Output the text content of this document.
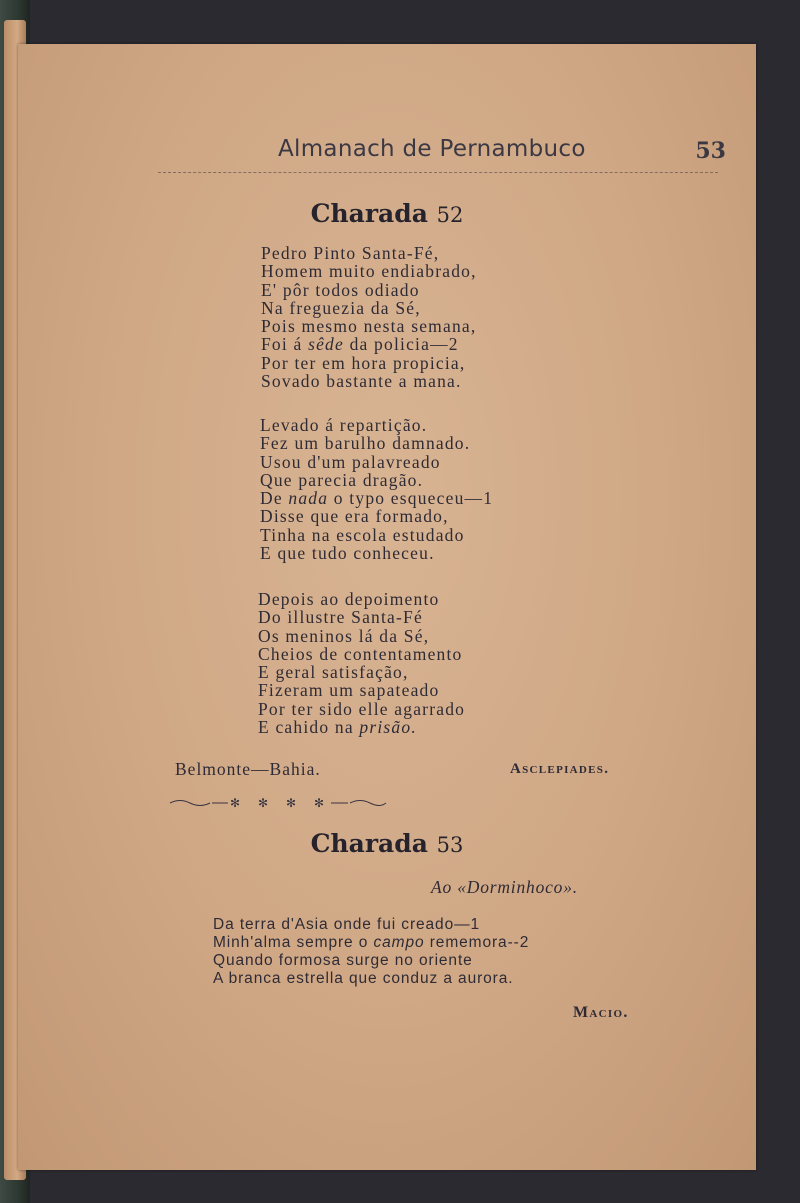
Almanach de Pernambuco	53
Charada 52
Pedro Pinto Santa-Fé,
Homem muito endiabrado,
E' pôr todos odiado
Na freguezia da Sé,
Pois mesmo nesta semana,
Foi á sêde da policia—2
Por ter em hora propicia,
Sovado bastante a mana.
Levado á repartição.
Fez um barulho damnado.
Usou d'um palavreado
Que parecia dragão.
De nada o typo esqueceu—1
Disse que era formado,
Tinha na escola estudado
E que tudo conheceu.
Depois ao depoimento
Do illustre Santa-Fé
Os meninos lá da Sé,
Cheios de contentamento
E geral satisfação,
Fizeram um sapateado
Por ter sido elle agarrado
E cahido na prisão.
Belmonte—Bahia.	Asclepiades.
✻ ✻ ✻ ✻
Charada 53
Ao «Dorminhoco».
Da terra d'Asia onde fui creado—1
Minh'alma sempre o campo rememora--2
Quando formosa surge no oriente
A branca estrella que conduz a aurora.
Macio.
